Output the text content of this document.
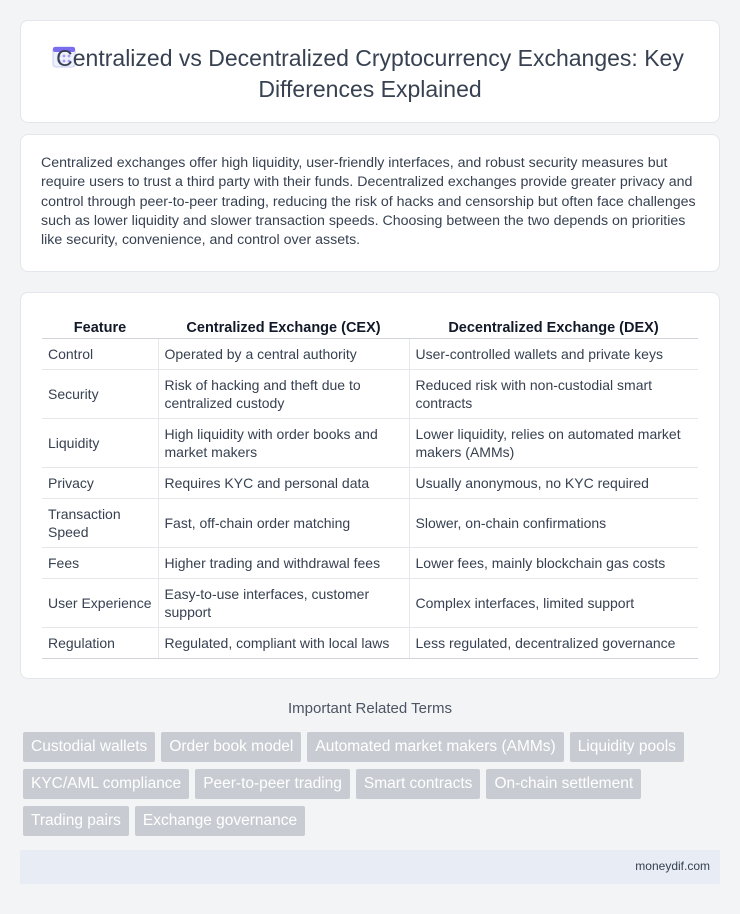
Centralized vs Decentralized Cryptocurrency Exchanges: Key Differences Explained

Centralized exchanges offer high liquidity, user-friendly interfaces, and robust security measures but require users to trust a third party with their funds. Decentralized exchanges provide greater privacy and control through peer-to-peer trading, reducing the risk of hacks and censorship but often face challenges such as lower liquidity and slower transaction speeds. Choosing between the two depends on priorities like security, convenience, and control over assets.

Feature	Centralized Exchange (CEX)	Decentralized Exchange (DEX)
Control	Operated by a central authority	User-controlled wallets and private keys
Security	Risk of hacking and theft due to centralized custody	Reduced risk with non-custodial smart contracts
Liquidity	High liquidity with order books and market makers	Lower liquidity, relies on automated market makers (AMMs)
Privacy	Requires KYC and personal data	Usually anonymous, no KYC required
Transaction Speed	Fast, off-chain order matching	Slower, on-chain confirmations
Fees	Higher trading and withdrawal fees	Lower fees, mainly blockchain gas costs
User Experience	Easy-to-use interfaces, customer support	Complex interfaces, limited support
Regulation	Regulated, compliant with local laws	Less regulated, decentralized governance
Important Related Terms
Custodial wallets	Order book model	Automated market makers (AMMs)	Liquidity pools
KYC/AML compliance	Peer-to-peer trading	Smart contracts	On-chain settlement
Trading pairs	Exchange governance
moneydif.com
